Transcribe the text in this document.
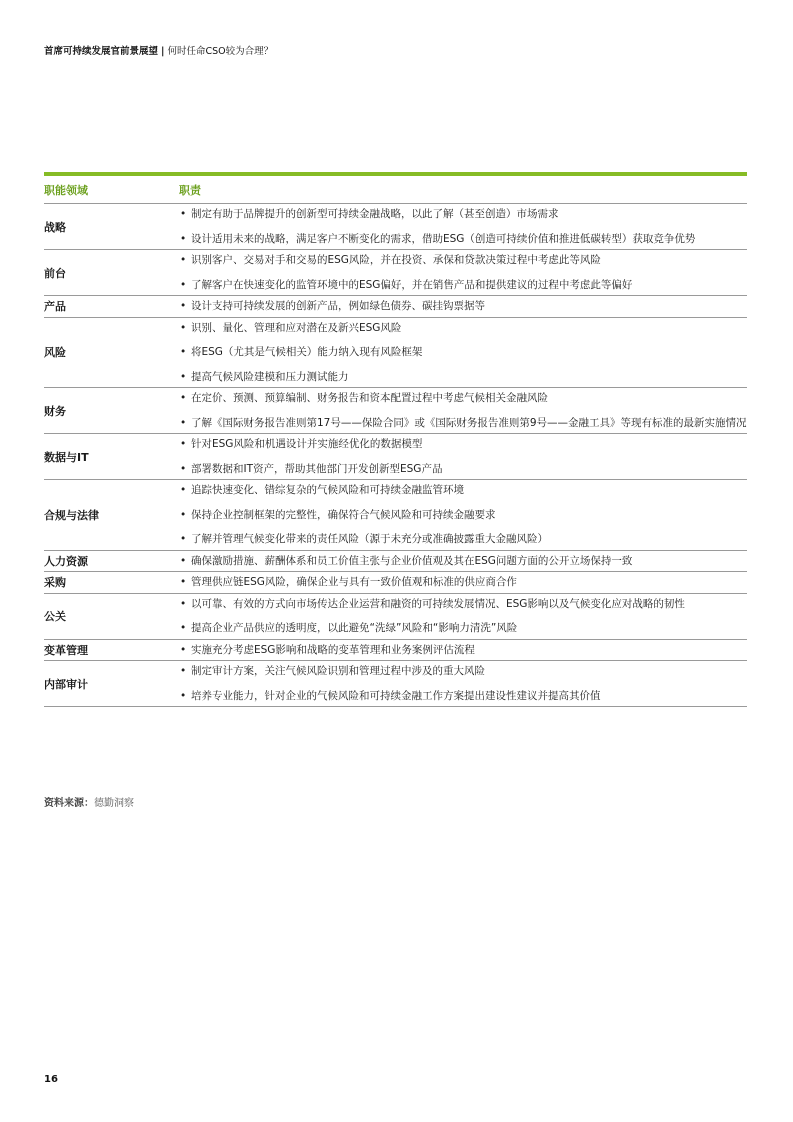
首席可持续发展官前景展望 | 何时任命CSO较为合理？
职能领域	职责
战略
• 制定有助于品牌提升的创新型可持续金融战略，以此了解（甚至创造）市场需求
• 设计适用未来的战略，满足客户不断变化的需求，借助ESG（创造可持续价值和推进低碳转型）获取竞争优势
前台
• 识别客户、交易对手和交易的ESG风险，并在投资、承保和贷款决策过程中考虑此等风险
• 了解客户在快速变化的监管环境中的ESG偏好，并在销售产品和提供建议的过程中考虑此等偏好
产品	• 设计支持可持续发展的创新产品，例如绿色债券、碳挂钩票据等
风险
• 识别、量化、管理和应对潜在及新兴ESG风险
• 将ESG（尤其是气候相关）能力纳入现有风险框架
• 提高气候风险建模和压力测试能力
财务
• 在定价、预测、预算编制、财务报告和资本配置过程中考虑气候相关金融风险
• 了解《国际财务报告准则第17号——保险合同》或《国际财务报告准则第9号——金融工具》等现有标准的最新实施情况
数据与IT
• 针对ESG风险和机遇设计并实施经优化的数据模型
• 部署数据和IT资产，帮助其他部门开发创新型ESG产品
合规与法律
• 追踪快速变化、错综复杂的气候风险和可持续金融监管环境
• 保持企业控制框架的完整性，确保符合气候风险和可持续金融要求
• 了解并管理气候变化带来的责任风险（源于未充分或准确披露重大金融风险）
人力资源	• 确保激励措施、薪酬体系和员工价值主张与企业价值观及其在ESG问题方面的公开立场保持一致
采购	• 管理供应链ESG风险，确保企业与具有一致价值观和标准的供应商合作
公关
• 以可靠、有效的方式向市场传达企业运营和融资的可持续发展情况、ESG影响以及气候变化应对战略的韧性
• 提高企业产品供应的透明度，以此避免“洗绿”风险和“影响力清洗”风险
变革管理	• 实施充分考虑ESG影响和战略的变革管理和业务案例评估流程
内部审计
• 制定审计方案，关注气候风险识别和管理过程中涉及的重大风险
• 培养专业能力，针对企业的气候风险和可持续金融工作方案提出建设性建议并提高其价值
资料来源：德勤洞察
16
